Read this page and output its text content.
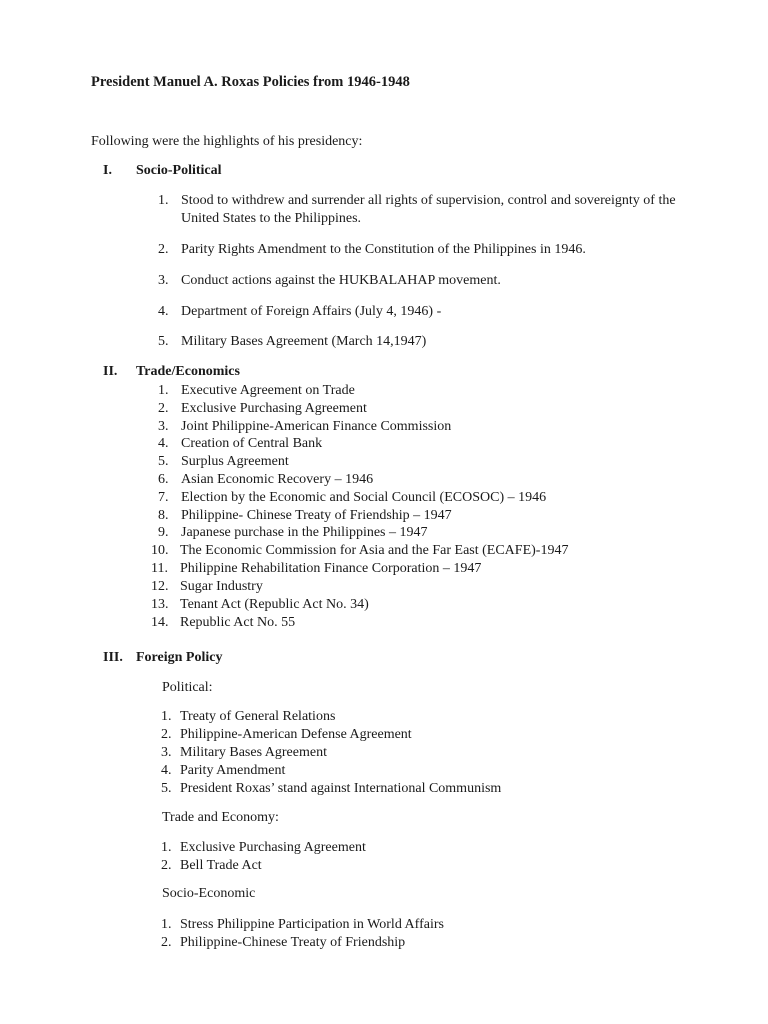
President Manuel A. Roxas Policies from 1946-1948
Following were the highlights of his presidency:
I. Socio-Political
1. Stood to withdrew and surrender all rights of supervision, control and sovereignty of the United States to the Philippines.
2. Parity Rights Amendment to the Constitution of the Philippines in 1946.
3. Conduct actions against the HUKBALAHAP movement.
4. Department of Foreign Affairs (July 4, 1946) -
5. Military Bases Agreement (March 14,1947)
II. Trade/Economics
1. Executive Agreement on Trade
2. Exclusive Purchasing Agreement
3. Joint Philippine-American Finance Commission
4. Creation of Central Bank
5. Surplus Agreement
6. Asian Economic Recovery – 1946
7. Election by the Economic and Social Council (ECOSOC) – 1946
8. Philippine- Chinese Treaty of Friendship – 1947
9. Japanese purchase in the Philippines – 1947
10. The Economic Commission for Asia and the Far East (ECAFE)-1947
11. Philippine Rehabilitation Finance Corporation – 1947
12. Sugar Industry
13. Tenant Act (Republic Act No. 34)
14. Republic Act No. 55
III. Foreign Policy
Political:
1. Treaty of General Relations
2. Philippine-American Defense Agreement
3. Military Bases Agreement
4. Parity Amendment
5. President Roxas’ stand against International Communism
Trade and Economy:
1. Exclusive Purchasing Agreement
2. Bell Trade Act
Socio-Economic
1. Stress Philippine Participation in World Affairs
2. Philippine-Chinese Treaty of Friendship
